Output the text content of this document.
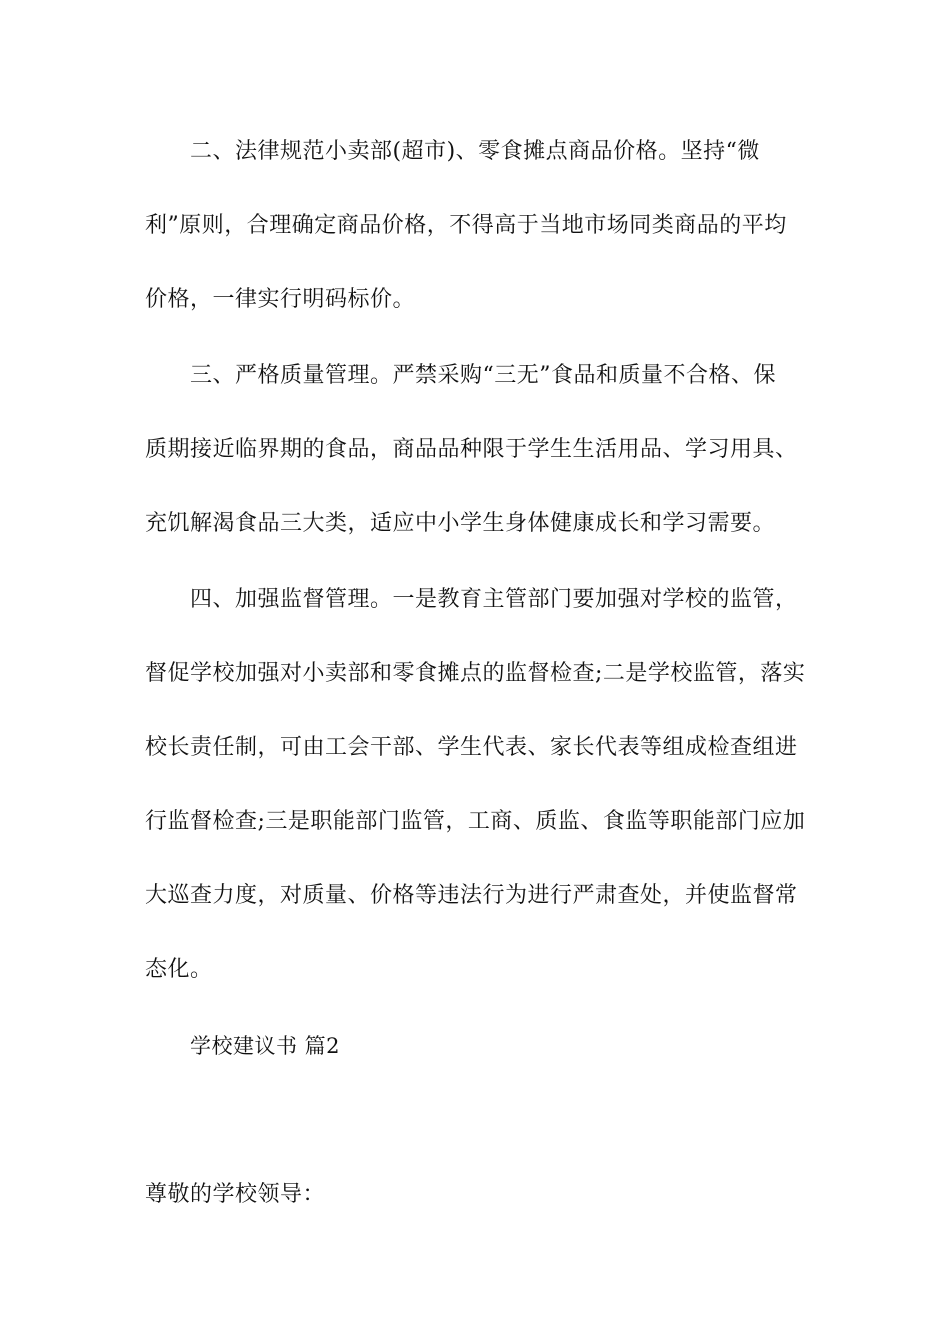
二、法律规范小卖部(超市)、零食摊点商品价格。坚持“微
利”原则，合理确定商品价格，不得高于当地市场同类商品的平均
价格，一律实行明码标价。
三、严格质量管理。严禁采购“三无”食品和质量不合格、保
质期接近临界期的食品，商品品种限于学生生活用品、学习用具、
充饥解渴食品三大类，适应中小学生身体健康成长和学习需要。
四、加强监督管理。一是教育主管部门要加强对学校的监管，
督促学校加强对小卖部和零食摊点的监督检查;二是学校监管，落实
校长责任制，可由工会干部、学生代表、家长代表等组成检查组进
行监督检查;三是职能部门监管，工商、质监、食监等职能部门应加
大巡查力度，对质量、价格等违法行为进行严肃查处，并使监督常
态化。
学校建议书 篇2
尊敬的学校领导：
